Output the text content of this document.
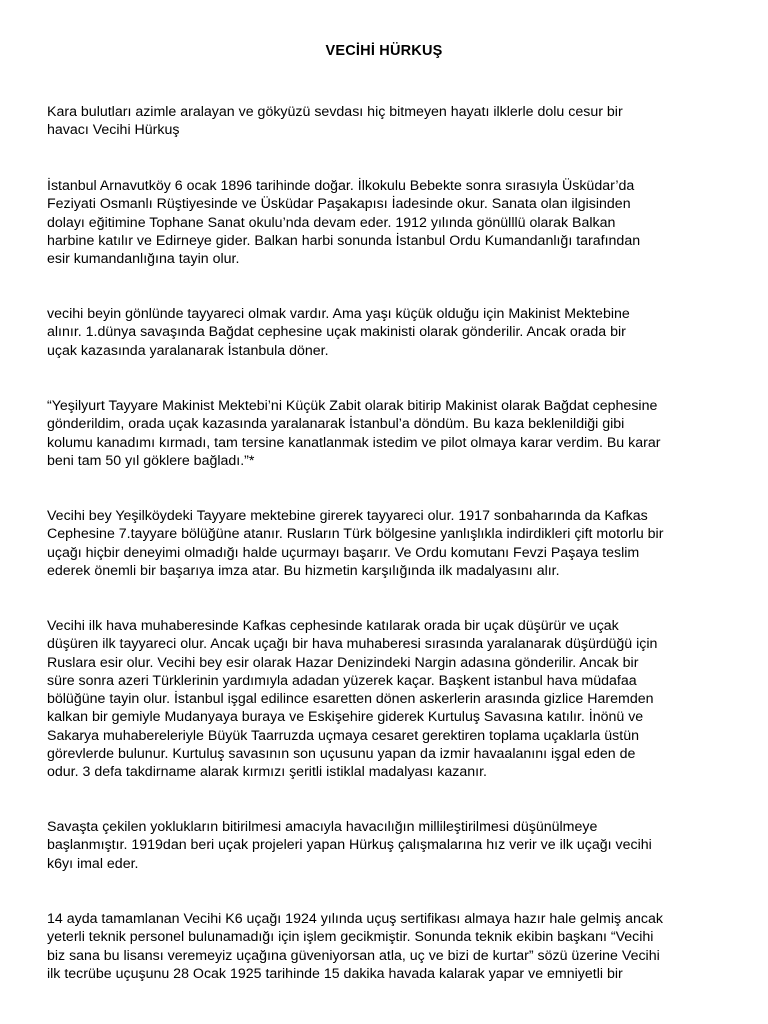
VECİHİ HÜRKUŞ
Kara bulutları azimle aralayan ve gökyüzü sevdası hiç bitmeyen hayatı ilklerle dolu cesur bir
havacı Vecihi Hürkuş
İstanbul Arnavutköy 6 ocak 1896 tarihinde doğar. İlkokulu Bebekte sonra sırasıyla Üsküdar’da
Feziyati Osmanlı Rüştiyesinde ve Üsküdar Paşakapısı İadesinde okur. Sanata olan ilgisinden
dolayı eğitimine Tophane Sanat okulu’nda devam eder. 1912 yılında gönülllü olarak Balkan
harbine katılır ve Edirneye gider. Balkan harbi sonunda İstanbul Ordu Kumandanlığı tarafından
esir kumandanlığına tayin olur.
vecihi beyin gönlünde tayyareci olmak vardır. Ama yaşı küçük olduğu için Makinist Mektebine
alınır. 1.dünya savaşında Bağdat cephesine uçak makinisti olarak gönderilir. Ancak orada bir
uçak kazasında yaralanarak İstanbula döner.
“Yeşilyurt Tayyare Makinist Mektebi’ni Küçük Zabit olarak bitirip Makinist olarak Bağdat cephesine
gönderildim, orada uçak kazasında yaralanarak İstanbul’a döndüm. Bu kaza beklenildiği gibi
kolumu kanadımı kırmadı, tam tersine kanatlanmak istedim ve pilot olmaya karar verdim. Bu karar
beni tam 50 yıl göklere bağladı.”*
Vecihi bey Yeşilköydeki Tayyare mektebine girerek tayyareci olur. 1917 sonbaharında da Kafkas
Cephesine 7.tayyare bölüğüne atanır. Rusların Türk bölgesine yanlışlıkla indirdikleri çift motorlu bir
uçağı hiçbir deneyimi olmadığı halde uçurmayı başarır. Ve Ordu komutanı Fevzi Paşaya teslim
ederek önemli bir başarıya imza atar. Bu hizmetin karşılığında ilk madalyasını alır.
Vecihi ilk hava muhaberesinde Kafkas cephesinde katılarak orada bir uçak düşürür ve uçak
düşüren ilk tayyareci olur. Ancak uçağı bir hava muhaberesi sırasında yaralanarak düşürdüğü için
Ruslara esir olur. Vecihi bey esir olarak Hazar Denizindeki Nargin adasına gönderilir. Ancak bir
süre sonra azeri Türklerinin yardımıyla adadan yüzerek kaçar. Başkent istanbul hava müdafaa
bölüğüne tayin olur. İstanbul işgal edilince esaretten dönen askerlerin arasında gizlice Haremden
kalkan bir gemiyle Mudanyaya buraya ve Eskişehire giderek Kurtuluş Savasına katılır. İnönü ve
Sakarya muhabereleriyle Büyük Taarruzda uçmaya cesaret gerektiren toplama uçaklarla üstün
görevlerde bulunur. Kurtuluş savasının son uçusunu yapan da izmir havaalanını işgal eden de
odur. 3 defa takdirname alarak kırmızı şeritli istiklal madalyası kazanır.
Savaşta çekilen yoklukların bitirilmesi amacıyla havacılığın millileştirilmesi düşünülmeye
başlanmıştır. 1919dan beri uçak projeleri yapan Hürkuş çalışmalarına hız verir ve ilk uçağı vecihi
k6yı imal eder.
14 ayda tamamlanan Vecihi K6 uçağı 1924 yılında uçuş sertifikası almaya hazır hale gelmiş ancak
yeterli teknik personel bulunamadığı için işlem gecikmiştir. Sonunda teknik ekibin başkanı “Vecihi
biz sana bu lisansı veremeyiz uçağına güveniyorsan atla, uç ve bizi de kurtar” sözü üzerine Vecihi
ilk tecrübe uçuşunu 28 Ocak 1925 tarihinde 15 dakika havada kalarak yapar ve emniyetli bir
